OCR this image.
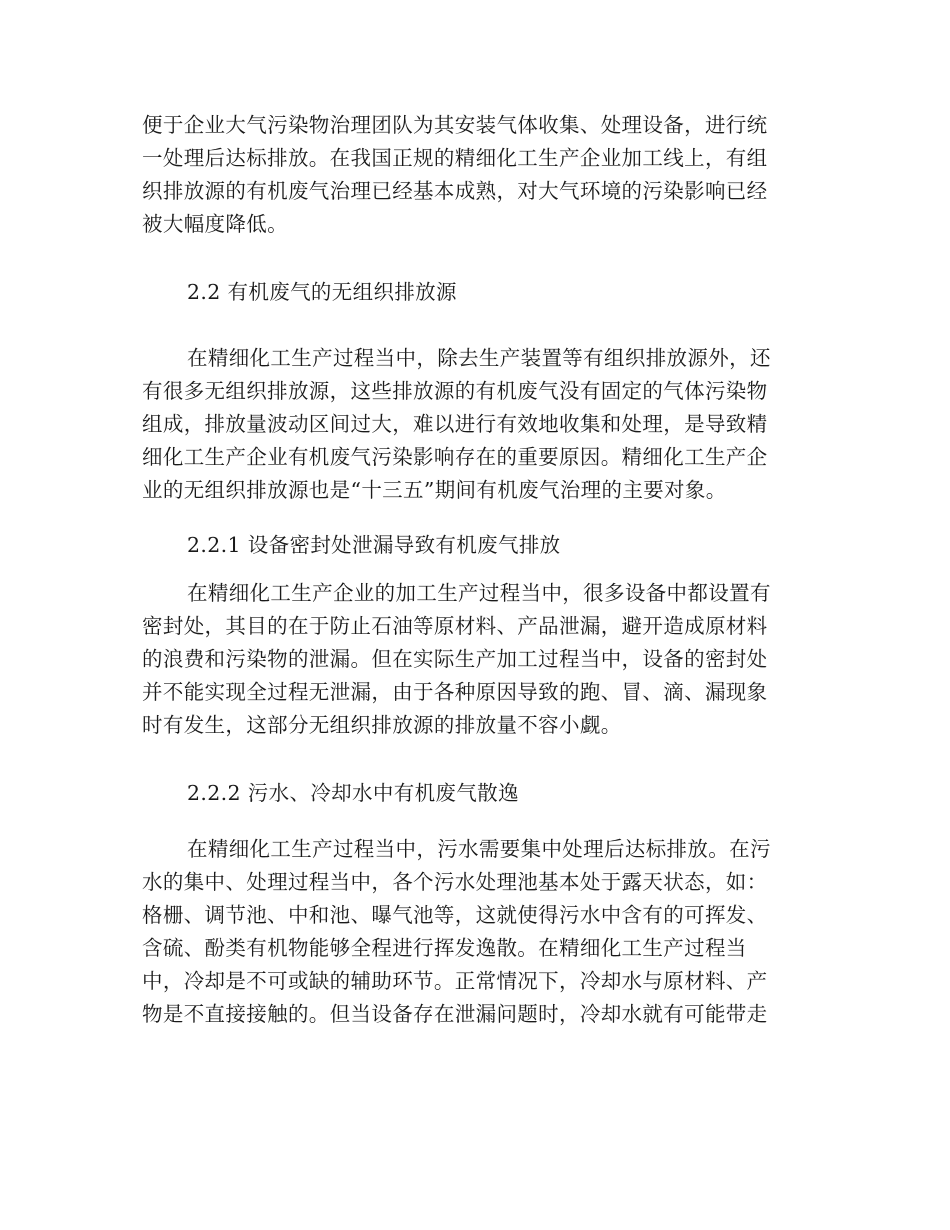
便于企业大气污染物治理团队为其安装气体收集、处理设备，进行统
一处理后达标排放。在我国正规的精细化工生产企业加工线上，有组
织排放源的有机废气治理已经基本成熟，对大气环境的污染影响已经
被大幅度降低。
2.2 有机废气的无组织排放源
在精细化工生产过程当中，除去生产装置等有组织排放源外，还
有很多无组织排放源，这些排放源的有机废气没有固定的气体污染物
组成，排放量波动区间过大，难以进行有效地收集和处理，是导致精
细化工生产企业有机废气污染影响存在的重要原因。精细化工生产企
业的无组织排放源也是“十三五”期间有机废气治理的主要对象。
2.2.1 设备密封处泄漏导致有机废气排放
在精细化工生产企业的加工生产过程当中，很多设备中都设置有
密封处，其目的在于防止石油等原材料、产品泄漏，避开造成原材料
的浪费和污染物的泄漏。但在实际生产加工过程当中，设备的密封处
并不能实现全过程无泄漏，由于各种原因导致的跑、冒、滴、漏现象
时有发生，这部分无组织排放源的排放量不容小觑。
2.2.2 污水、冷却水中有机废气散逸
在精细化工生产过程当中，污水需要集中处理后达标排放。在污
水的集中、处理过程当中，各个污水处理池基本处于露天状态，如：
格栅、调节池、中和池、曝气池等，这就使得污水中含有的可挥发、
含硫、酚类有机物能够全程进行挥发逸散。在精细化工生产过程当
中，冷却是不可或缺的辅助环节。正常情况下，冷却水与原材料、产
物是不直接接触的。但当设备存在泄漏问题时，冷却水就有可能带走
